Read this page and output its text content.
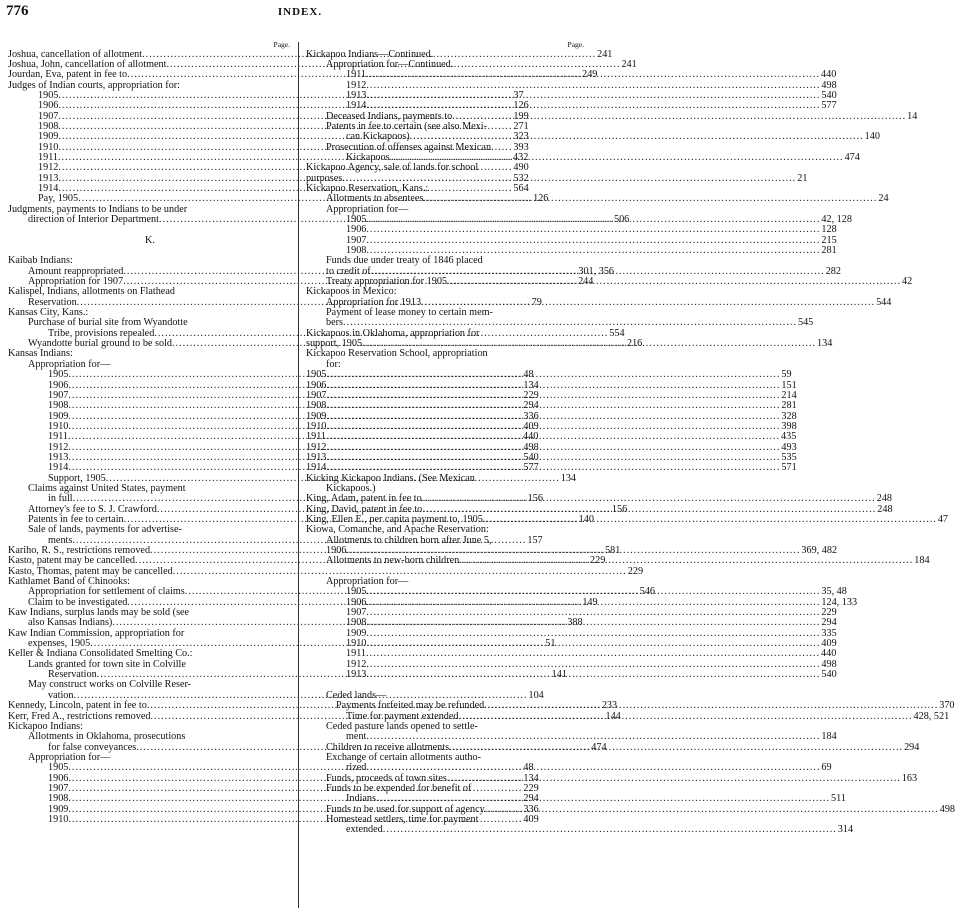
776	INDEX.
Page.
Joshua, cancellation of allotment .....	241
Joshua, John, cancellation of allotment .....	241
Jourdan, Eva, patent in fee to .....	249
Judges of Indian courts, appropriation for:
1905 .....	37
1906 .....	126
1907 .....	199
1908 .....	271
1909 .....	323
1910 .....	393
1911 .....	432
1912 .....	490
1913 .....	532
1914 .....	564
Pay, 1905 .....	126
Judgments, payments to Indians to be under
direction of Interior Department .....	506
K.
Kaibab Indians:
Amount reappropriated .....	301, 356
Appropriation for 1907 .....	244
Kalispel, Indians, allotments on Flathead
Reservation .....	79
Kansas City, Kans.:
Purchase of burial site from Wyandotte
Tribe, provisions repealed .....	554
Wyandotte burial ground to be sold .....	216
Kansas Indians:
Appropriation for—
1905 .....	48
1906 .....	134
1907 .....	229
1908 .....	294
1909 .....	336
1910 .....	409
1911 .....	440
1912 .....	498
1913 .....	540
1914 .....	577
Support, 1905 .....	134
Claims against United States, payment
in full .....	156
Attorney's fee to S. J. Crawford .....	156
Patents in fee to certain .....	140
Sale of lands, payments for advertise-
ments .....	157
Kariho, R. S., restrictions removed .....	581
Kasto, patent may be cancelled .....	229
Kasto, Thomas, patent may be cancelled .....	229
Kathlamet Band of Chinooks:
Appropriation for settlement of claims .....	546
Claim to be investigated .....	149
Kaw Indians, surplus lands may be sold (see
also Kansas Indians) .....	388
Kaw Indian Commission, appropriation for
expenses, 1905 .....	51
Keller & Indiana Consolidated Smelting Co.:
Lands granted for town site in Colville
Reservation .....	141
May construct works on Colville Reser-
vation .....	104
Kennedy, Lincoln, patent in fee to .....	233
Kerr, Fred A., restrictions removed .....	144
Kickapoo Indians:
Allotments in Oklahoma, prosecutions
for false conveyances .....	474
Appropriation for—
1905 .....	48
1906 .....	134
1907 .....	229
1908 .....	294
1909 .....	336
1910 .....	409
Page.
Kickapoo Indians—Continued.
Appropriation for—Continued.
1911 .....	440
1912 .....	498
1913 .....	540
1914 .....	577
Deceased Indians, payments to .....	14
Patents in fee to certain (see also Mexi-
can Kickapoos) .....	140
Prosecution of offenses against Mexican
Kickapoos .....	474
Kickapoo Agency, sale of lands for school
purposes .....	21
Kickapoo Reservation, Kans.:
Allotments to absentees .....	24
Appropriation for—
1905 .....	42, 128
1906 .....	128
1907 .....	215
1908 .....	281
Funds due under treaty of 1846 placed
to credit of .....	282
Treaty appropriation for 1905 .....	42
Kickapoos in Mexico:
Appropriation for 1913 .....	544
Payment of lease money to certain mem-
bers .....	545
Kickapoos in Oklahoma, appropriation for
support, 1905 .....	134
Kickapoo Reservation School, appropriation
for:
1905 .....	59
1906 .....	151
1907 .....	214
1908 .....	281
1909 .....	328
1910 .....	398
1911 .....	435
1912 .....	493
1913 .....	535
1914 .....	571
Kicking Kickapoo Indians. (See Mexican
Kickapoos.)
King, Adam, patent in fee to .....	248
King, David, patent in fee to .....	248
King, Ellen E., per capita payment to, 1905 .....	47
Kiowa, Comanche, and Apache Reservation:
Allotments to children born after June 5,
1906 .....	369, 482
Allotments to new-born children .....	184
Appropriation for—
1905 .....	35, 48
1906 .....	124, 133
1907 .....	229
1908 .....	294
1909 .....	335
1910 .....	409
1911 .....	440
1912 .....	498
1913 .....	540
Ceded lands—
Payments forfeited may be refunded .....	370
Time for payment extended .....	428, 521
Ceded pasture lands opened to settle-
ment .....	184
Children to receive allotments .....	294
Exchange of certain allotments autho-
rized .....	69
Funds, proceeds of town sites .....	163
Funds to be expended for benefit of
Indians .....	511
Funds to be used for support of agency .....	498
Homestead settlers, time for payment
extended .....	314
